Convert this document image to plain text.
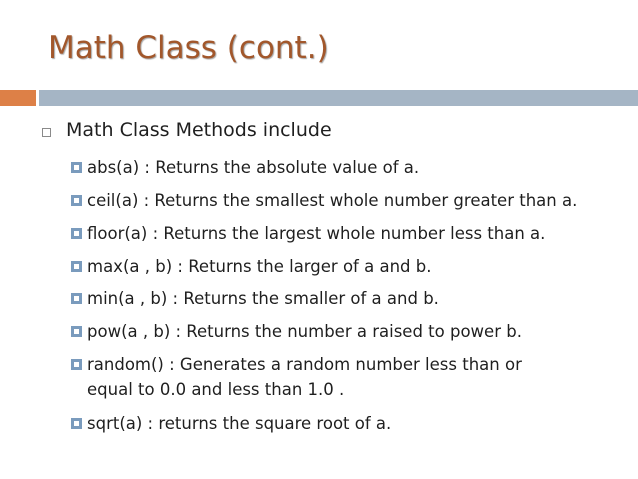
Math Class (cont.)
Math Class Methods include
abs(a) : Returns the absolute value of a.
ceil(a) : Returns the smallest whole number greater than a.
floor(a) : Returns the largest whole number less than a.
max(a , b) : Returns the larger of a and b.
min(a , b) : Returns the smaller of a and b.
pow(a , b) : Returns the number a raised to power b.
random() : Generates a random number less than or
equal to 0.0 and less than 1.0 .
sqrt(a) : returns the square root of a.
